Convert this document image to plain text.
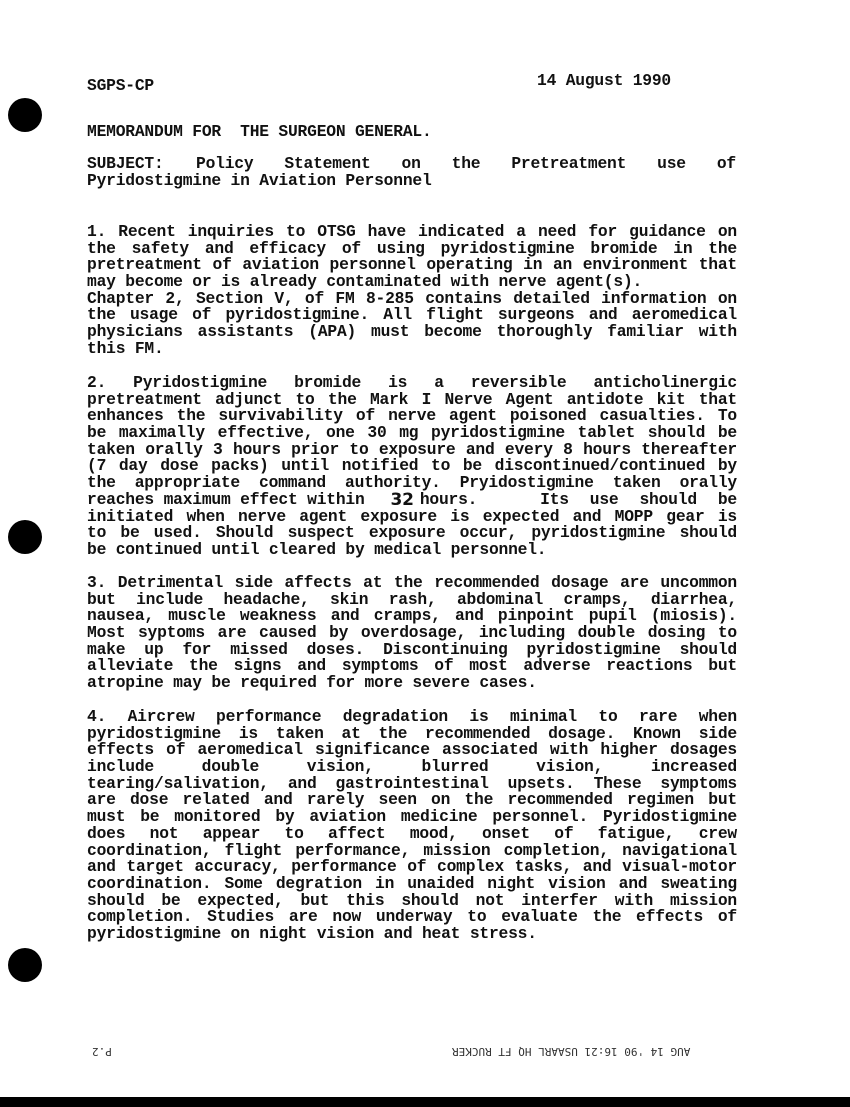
SGPS-CP	14 August 1990
MEMORANDUM FOR  THE SURGEON GENERAL.
SUBJECT: Policy Statement on the Pretreatment use of
Pyridostigmine in Aviation Personnel
1. Recent inquiries to OTSG have indicated a need for guidance on
the safety and efficacy of using pyridostigmine bromide in the
pretreatment of aviation personnel operating in an environment that
may become or is already contaminated with nerve agent(s).
Chapter 2, Section V, of FM 8-285 contains detailed information on
the usage of pyridostigmine. All flight surgeons and aeromedical
physicians assistants (APA) must become thoroughly familiar with
this FM.
2. Pyridostigmine bromide is a reversible anticholinergic
pretreatment adjunct to the Mark I Nerve Agent antidote kit that
enhances the survivability of nerve agent poisoned casualties. To
be maximally effective, one 30 mg pyridostigmine tablet should be
taken orally 3 hours prior to exposure and every 8 hours thereafter
(7 day dose packs) until notified to be discontinued/continued by
the appropriate command authority. Pryidostigmine taken orally
reaches maximum effect within 32 hours.   Its use should be
initiated when nerve agent exposure is expected and MOPP gear is
to be used. Should suspect exposure occur, pyridostigmine should
be continued until cleared by medical personnel.
3. Detrimental side affects at the recommended dosage are uncommon
but include headache, skin rash, abdominal cramps, diarrhea,
nausea, muscle weakness and cramps, and pinpoint pupil (miosis).
Most syptoms are caused by overdosage, including double dosing to
make up for missed doses. Discontinuing pyridostigmine should
alleviate the signs and symptoms of most adverse reactions but
atropine may be required for more severe cases.
4. Aircrew performance degradation is minimal to rare when
pyridostigmine is taken at the recommended dosage. Known side
effects of aeromedical significance associated with higher dosages
include double vision, blurred vision, increased
tearing/salivation, and gastrointestinal upsets. These symptoms
are dose related and rarely seen on the recommended regimen but
must be monitored by aviation medicine personnel. Pyridostigmine
does not appear to affect mood, onset of fatigue, crew
coordination, flight performance, mission completion, navigational
and target accuracy, performance of complex tasks, and visual-motor
coordination. Some degration in unaided night vision and sweating
should be expected, but this should not interfer with mission
completion. Studies are now underway to evaluate the effects of
pyridostigmine on night vision and heat stress.
P.2	AUG 14 '90 16:21 USAARL HQ FT RUCKER
